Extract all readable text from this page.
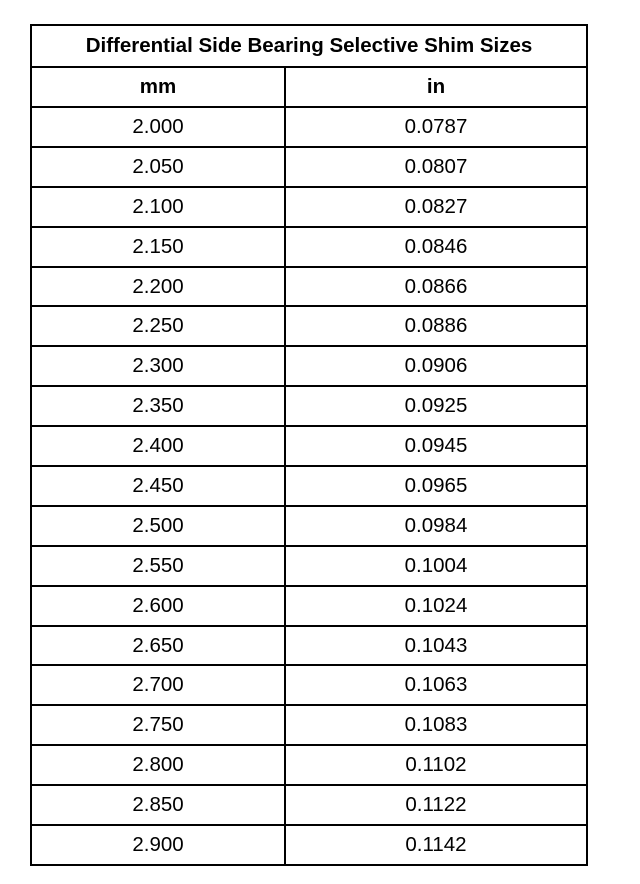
Differential Side Bearing Selective Shim Sizes	
mm	in
2.000	0.0787
2.050	0.0807
2.100	0.0827
2.150	0.0846
2.200	0.0866
2.250	0.0886
2.300	0.0906
2.350	0.0925
2.400	0.0945
2.450	0.0965
2.500	0.0984
2.550	0.1004
2.600	0.1024
2.650	0.1043
2.700	0.1063
2.750	0.1083
2.800	0.1102
2.850	0.1122
2.900	0.1142
